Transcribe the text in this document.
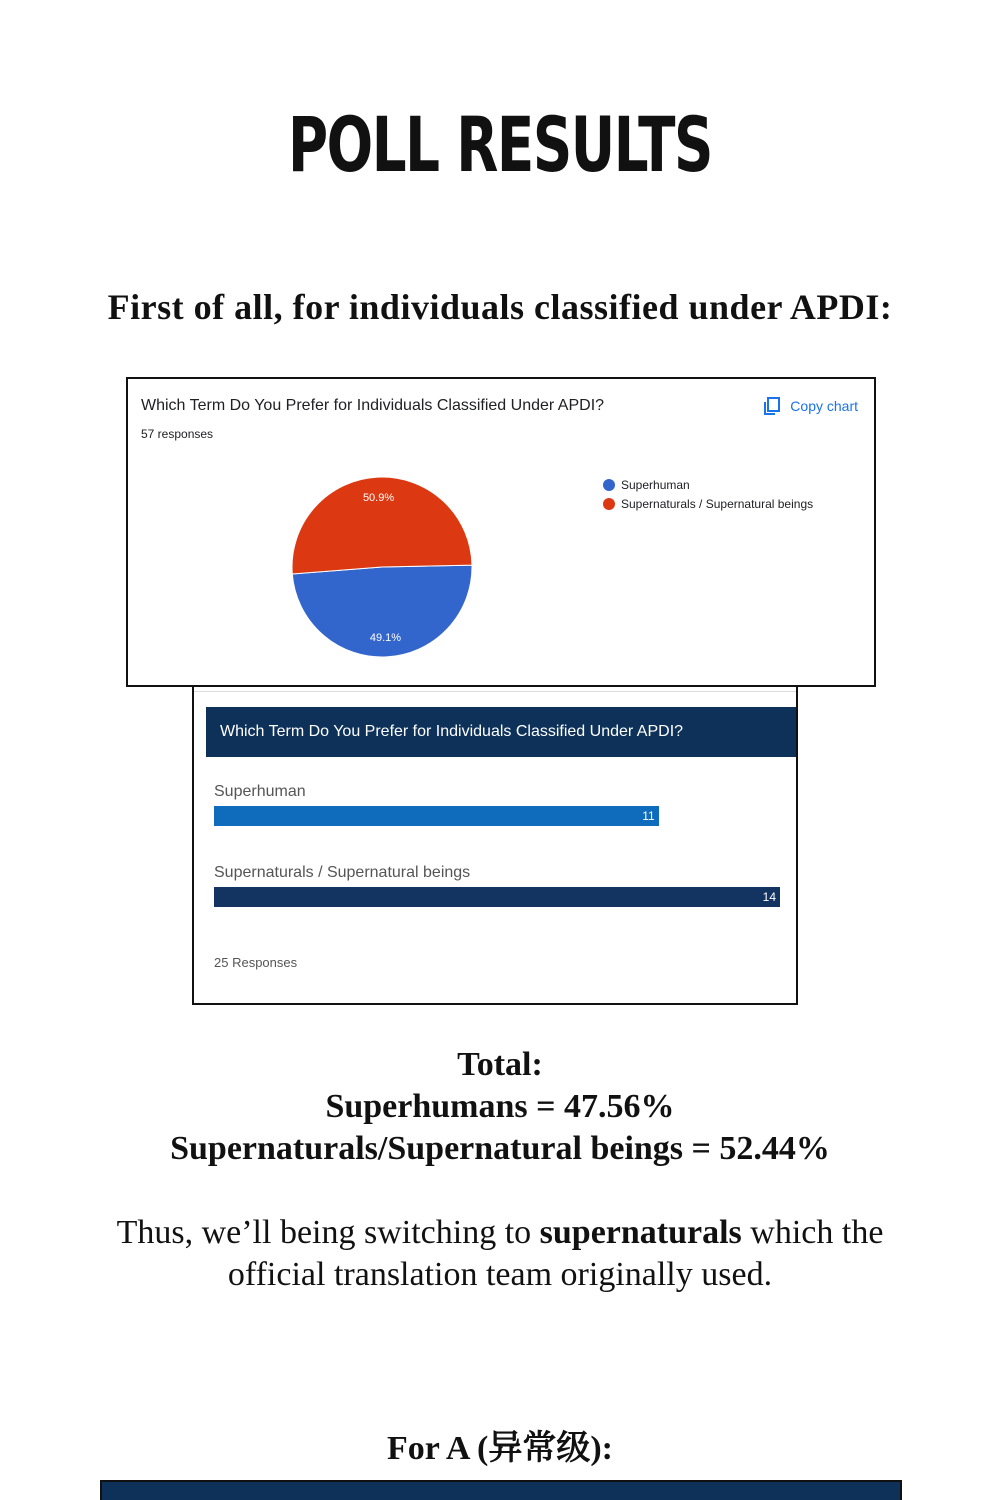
POLL RESULTS
First of all, for individuals classified under APDI:
Which Term Do You Prefer for Individuals Classified Under APDI?
57 responses
Copy chart
49.1%
50.9%
Superhuman
Supernaturals / Supernatural beings
Which Term Do You Prefer for Individuals Classified Under APDI?
Superhuman
11
Supernaturals / Supernatural beings
14
25 Responses
Total:
Superhumans = 47.56%
Supernaturals/Supernatural beings = 52.44%
Thus, we’ll being switching to supernaturals which the official translation team originally used.
For A (异常级):
